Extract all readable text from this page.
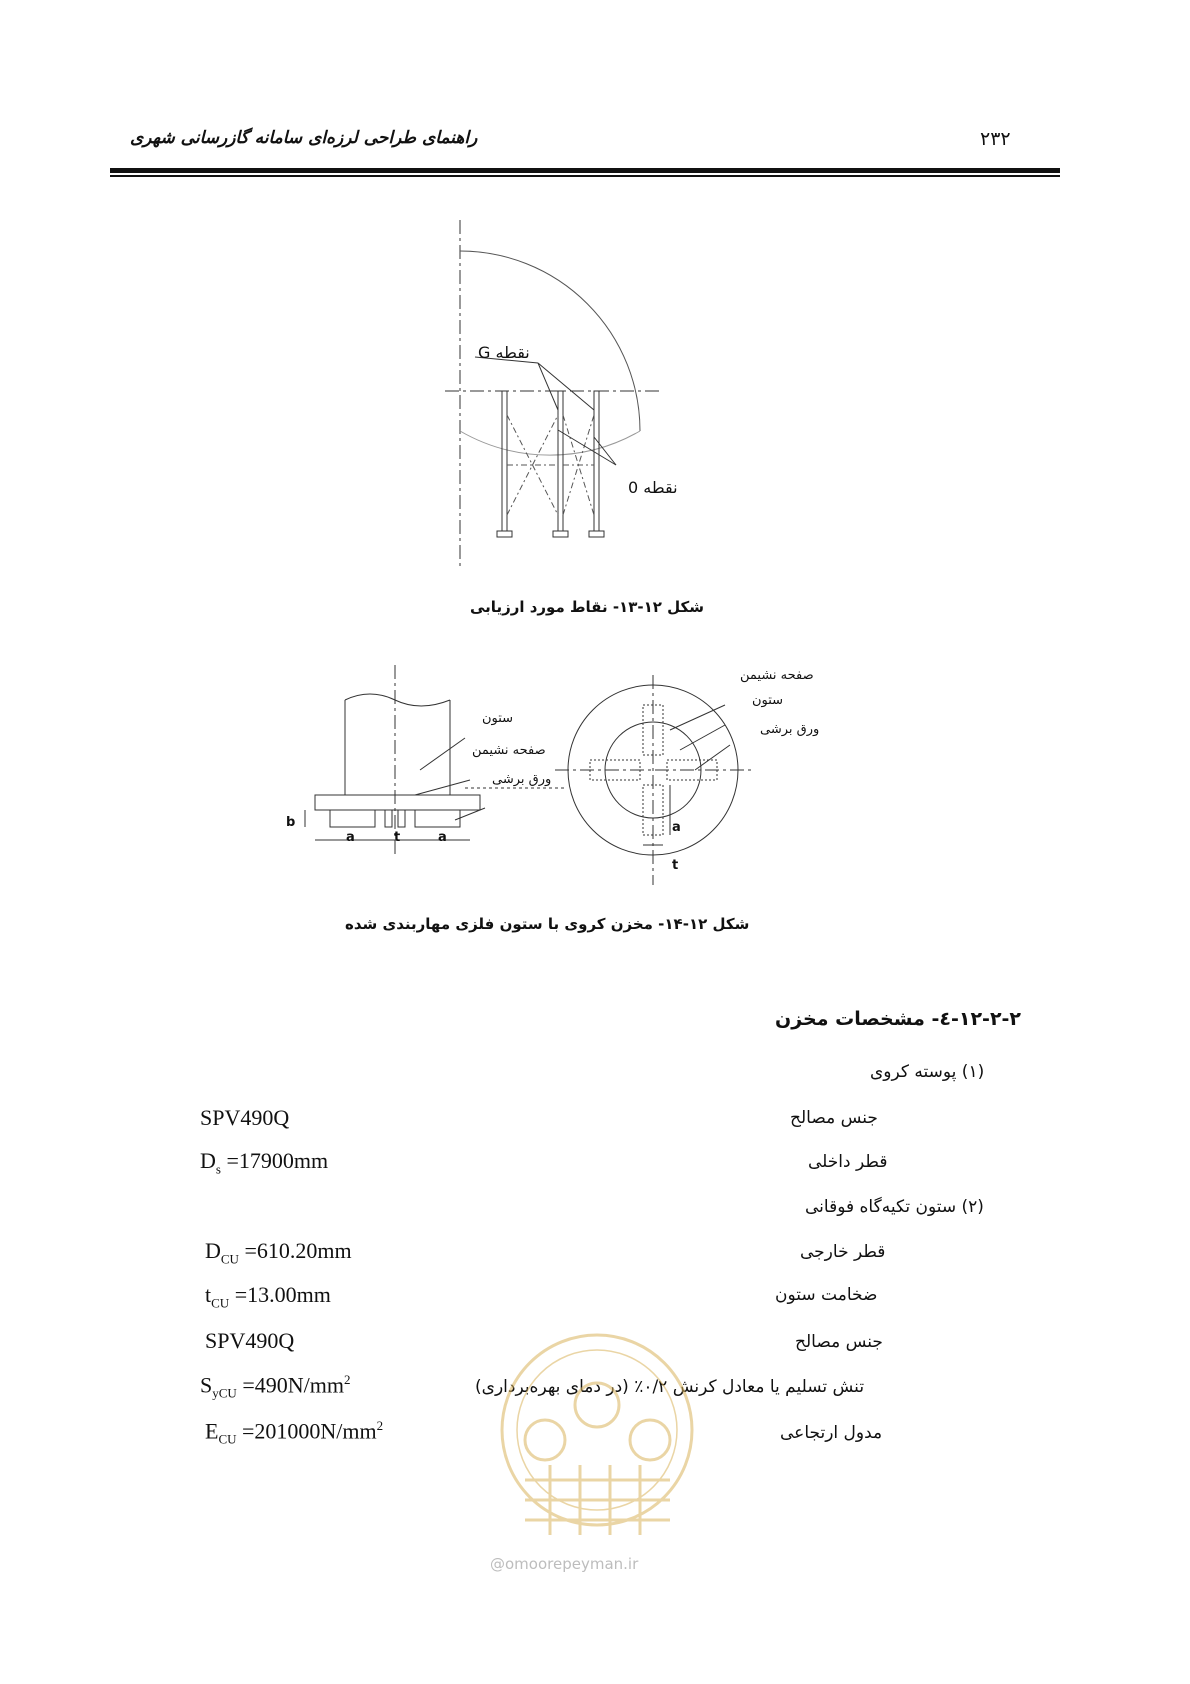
راهنمای طراحی لرزه‌ای سامانه گازرسانی شهری	۲۳۲
نقطه G
نقطه 0
شکل ۱۲-۱۳- نقاط مورد ارزیابی
ستون
صفحه نشیمن
ورق برشی
صفحه نشیمن
ستون
ورق برشی
a	t	a
b	a
t
شکل ۱۲-۱۴- مخزن کروی با ستون فلزی مهاربندی شده
۱۲-۲-۲-٤- مشخصات مخزن
(۱) پوسته کروی
جنس مصالح
SPV490Q
قطر داخلی
$D_s =17900mm$
(۲) ستون تکیه‌گاه فوقانی
قطر خارجی
$D_{CU} =610.20mm$
ضخامت ستون
$t_{CU} =13.00mm$
جنس مصالح
SPV490Q
تنش تسلیم یا معادل کرنش ۰/۲٪ (در دمای بهره‌برداری)
$S_{yCU} =490N/mm^2$
مدول ارتجاعی
$E_{CU} =201000N/mm^2$
@omoorepeyman.ir
